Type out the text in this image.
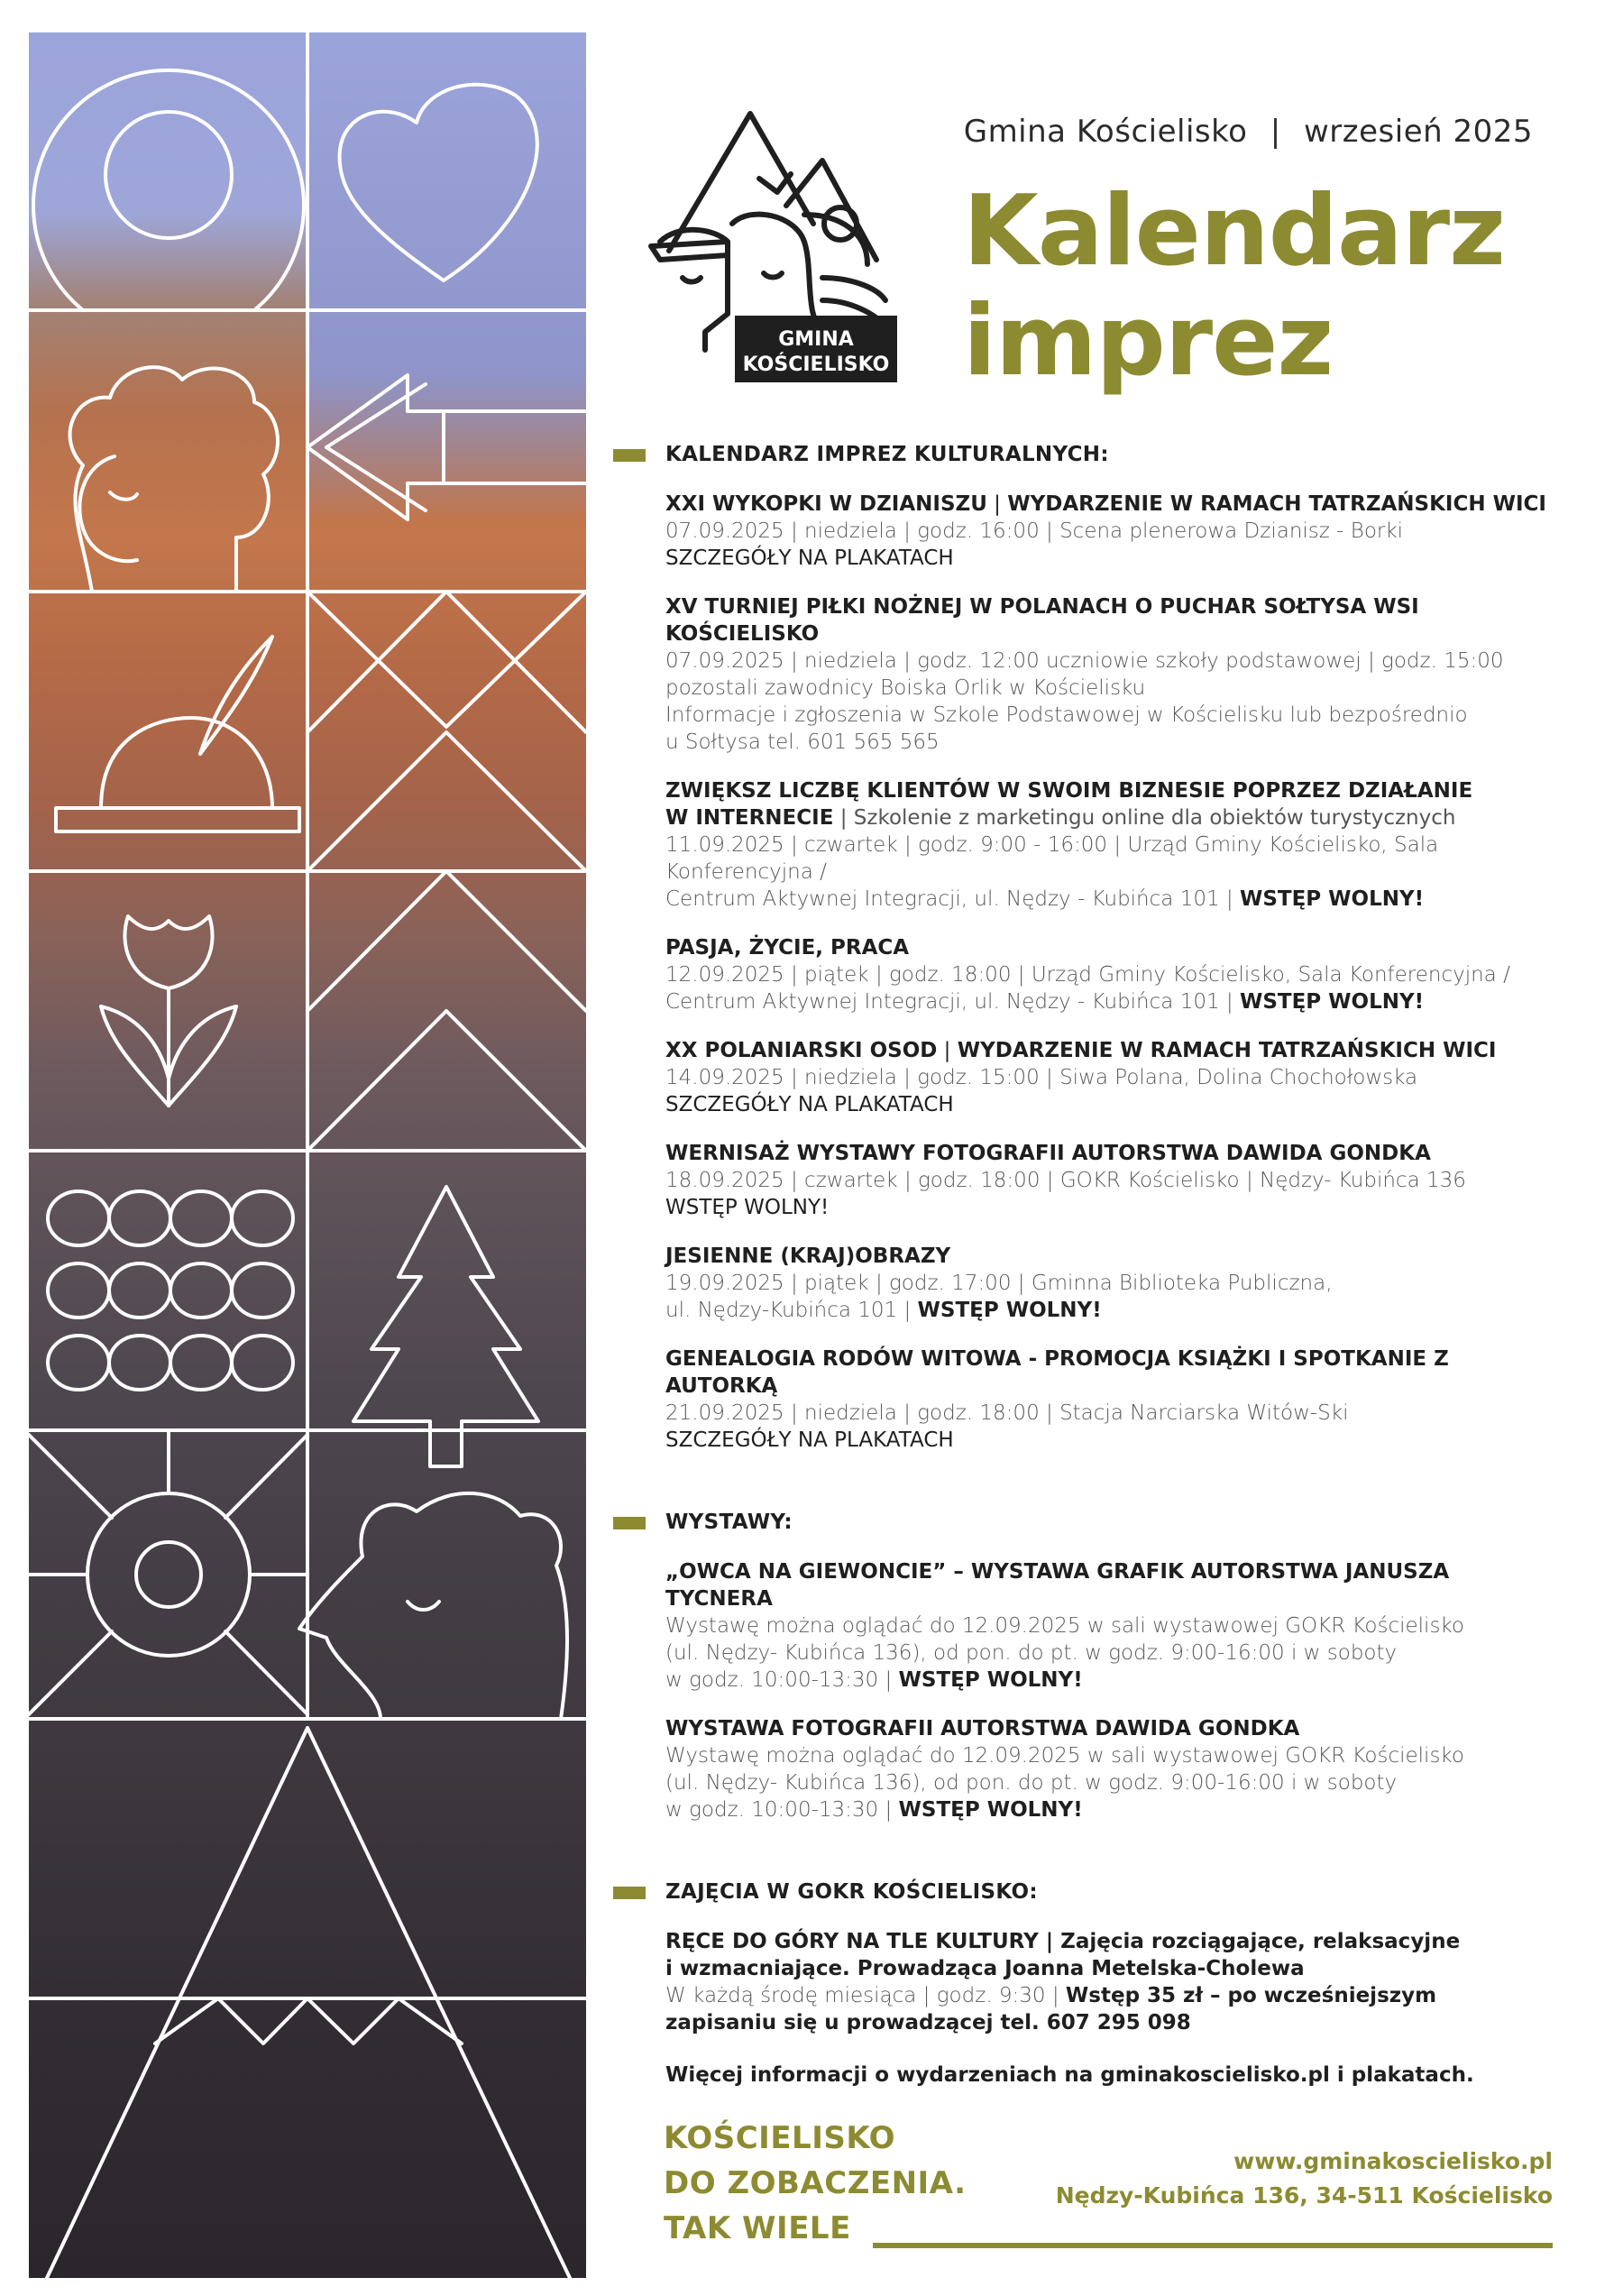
GMINA
KOŚCIELISKO
Gmina Kościelisko | wrzesień 2025
Kalendarz
imprez
KALENDARZ IMPREZ KULTURALNYCH:
XXI WYKOPKI W DZIANISZU | WYDARZENIE W RAMACH TATRZAŃSKICH WICI
07.09.2025 | niedziela | godz. 16:00 | Scena plenerowa Dzianisz - Borki
SZCZEGÓŁY NA PLAKATACH
XV TURNIEJ PIŁKI NOŻNEJ W POLANACH O PUCHAR SOŁTYSA WSI KOŚCIELISKO
07.09.2025 | niedziela | godz. 12:00 uczniowie szkoły podstawowej | godz. 15:00
pozostali zawodnicy Boiska Orlik w Kościelisku
Informacje i zgłoszenia w Szkole Podstawowej w Kościelisku lub bezpośrednio
u Sołtysa tel. 601 565 565
ZWIĘKSZ LICZBĘ KLIENTÓW W SWOIM BIZNESIE POPRZEZ DZIAŁANIE
W INTERNECIE | Szkolenie z marketingu online dla obiektów turystycznych
11.09.2025 | czwartek | godz. 9:00 - 16:00 | Urząd Gminy Kościelisko, Sala Konferencyjna /
Centrum Aktywnej Integracji, ul. Nędzy - Kubińca 101 | WSTĘP WOLNY!
PASJA, ŻYCIE, PRACA
12.09.2025 | piątek | godz. 18:00 | Urząd Gminy Kościelisko, Sala Konferencyjna /
Centrum Aktywnej Integracji, ul. Nędzy - Kubińca 101 | WSTĘP WOLNY!
XX POLANIARSKI OSOD | WYDARZENIE W RAMACH TATRZAŃSKICH WICI
14.09.2025 | niedziela | godz. 15:00 | Siwa Polana, Dolina Chochołowska
SZCZEGÓŁY NA PLAKATACH
WERNISAŻ WYSTAWY FOTOGRAFII AUTORSTWA DAWIDA GONDKA
18.09.2025 | czwartek | godz. 18:00 | GOKR Kościelisko | Nędzy- Kubińca 136
WSTĘP WOLNY!
JESIENNE (KRAJ)OBRAZY
19.09.2025 | piątek | godz. 17:00 | Gminna Biblioteka Publiczna,
ul. Nędzy-Kubińca 101 | WSTĘP WOLNY!
GENEALOGIA RODÓW WITOWA - PROMOCJA KSIĄŻKI I SPOTKANIE Z AUTORKĄ
21.09.2025 | niedziela | godz. 18:00 | Stacja Narciarska Witów-Ski
SZCZEGÓŁY NA PLAKATACH
WYSTAWY:
„OWCA NA GIEWONCIE” – WYSTAWA GRAFIK AUTORSTWA JANUSZA TYCNERA
Wystawę można oglądać do 12.09.2025 w sali wystawowej GOKR Kościelisko
(ul. Nędzy- Kubińca 136), od pon. do pt. w godz. 9:00-16:00 i w soboty
w godz. 10:00-13:30 | WSTĘP WOLNY!
WYSTAWA FOTOGRAFII AUTORSTWA DAWIDA GONDKA
Wystawę można oglądać do 12.09.2025 w sali wystawowej GOKR Kościelisko
(ul. Nędzy- Kubińca 136), od pon. do pt. w godz. 9:00-16:00 i w soboty
w godz. 10:00-13:30 | WSTĘP WOLNY!
ZAJĘCIA W GOKR KOŚCIELISKO:
RĘCE DO GÓRY NA TLE KULTURY | Zajęcia rozciągające, relaksacyjne
i wzmacniające. Prowadząca Joanna Metelska-Cholewa
W każdą środę miesiąca | godz. 9:30 | Wstęp 35 zł – po wcześniejszym
zapisaniu się u prowadzącej tel. 607 295 098
Więcej informacji o wydarzeniach na gminakoscielisko.pl i plakatach.
KOŚCIELISKO
DO ZOBACZENIA.
TAK WIELE
www.gminakoscielisko.pl
Nędzy-Kubińca 136, 34-511 Kościelisko
